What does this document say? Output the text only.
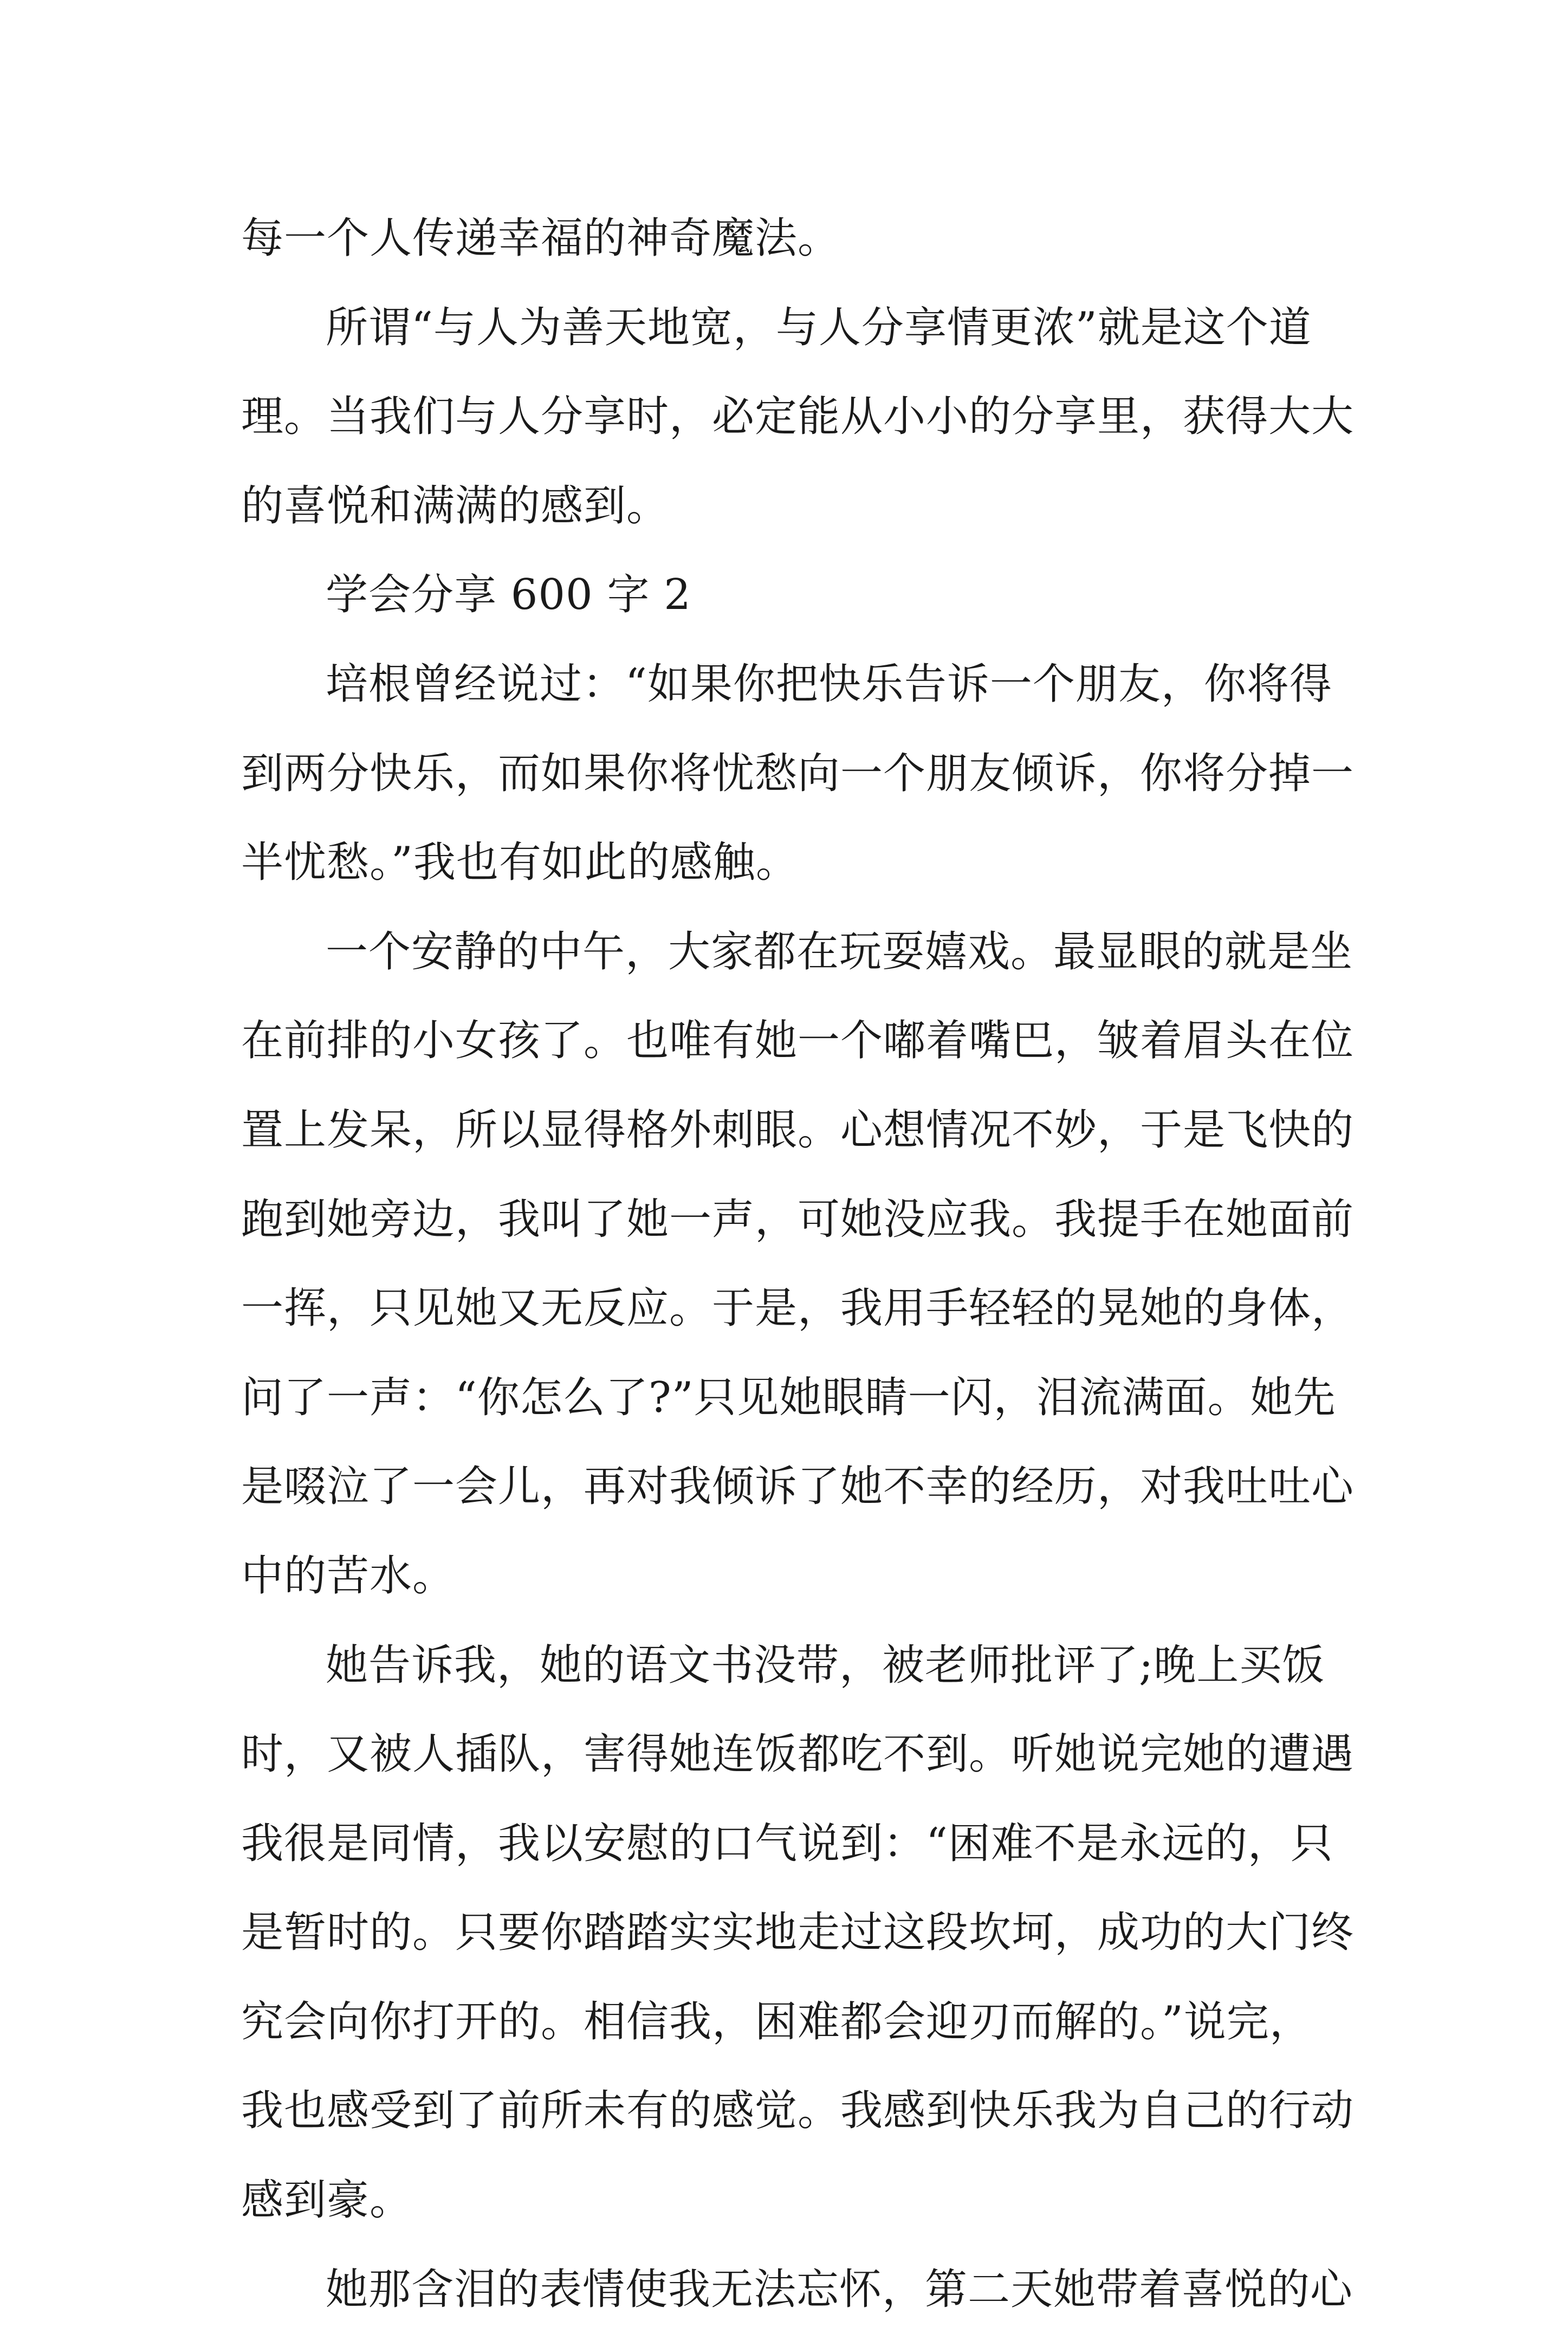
每一个人传递幸福的神奇魔法。
所谓“与人为善天地宽，与人分享情更浓”就是这个道
理。当我们与人分享时，必定能从小小的分享里，获得大大
的喜悦和满满的感到。
学会分享 600 字 2
培根曾经说过：“如果你把快乐告诉一个朋友，你将得
到两分快乐，而如果你将忧愁向一个朋友倾诉，你将分掉一
半忧愁。”我也有如此的感触。
一个安静的中午，大家都在玩耍嬉戏。最显眼的就是坐
在前排的小女孩了。也唯有她一个嘟着嘴巴，皱着眉头在位
置上发呆，所以显得格外刺眼。心想情况不妙，于是飞快的
跑到她旁边，我叫了她一声，可她没应我。我提手在她面前
一挥，只见她又无反应。于是，我用手轻轻的晃她的身体，
问了一声：“你怎么了?”只见她眼睛一闪，泪流满面。她先
是啜泣了一会儿，再对我倾诉了她不幸的经历，对我吐吐心
中的苦水。
她告诉我，她的语文书没带，被老师批评了;晚上买饭
时，又被人插队，害得她连饭都吃不到。听她说完她的遭遇
我很是同情，我以安慰的口气说到：“困难不是永远的，只
是暂时的。只要你踏踏实实地走过这段坎坷，成功的大门终
究会向你打开的。相信我，困难都会迎刃而解的。”说完，
我也感受到了前所未有的感觉。我感到快乐我为自己的行动
感到豪。
她那含泪的表情使我无法忘怀，第二天她带着喜悦的心
